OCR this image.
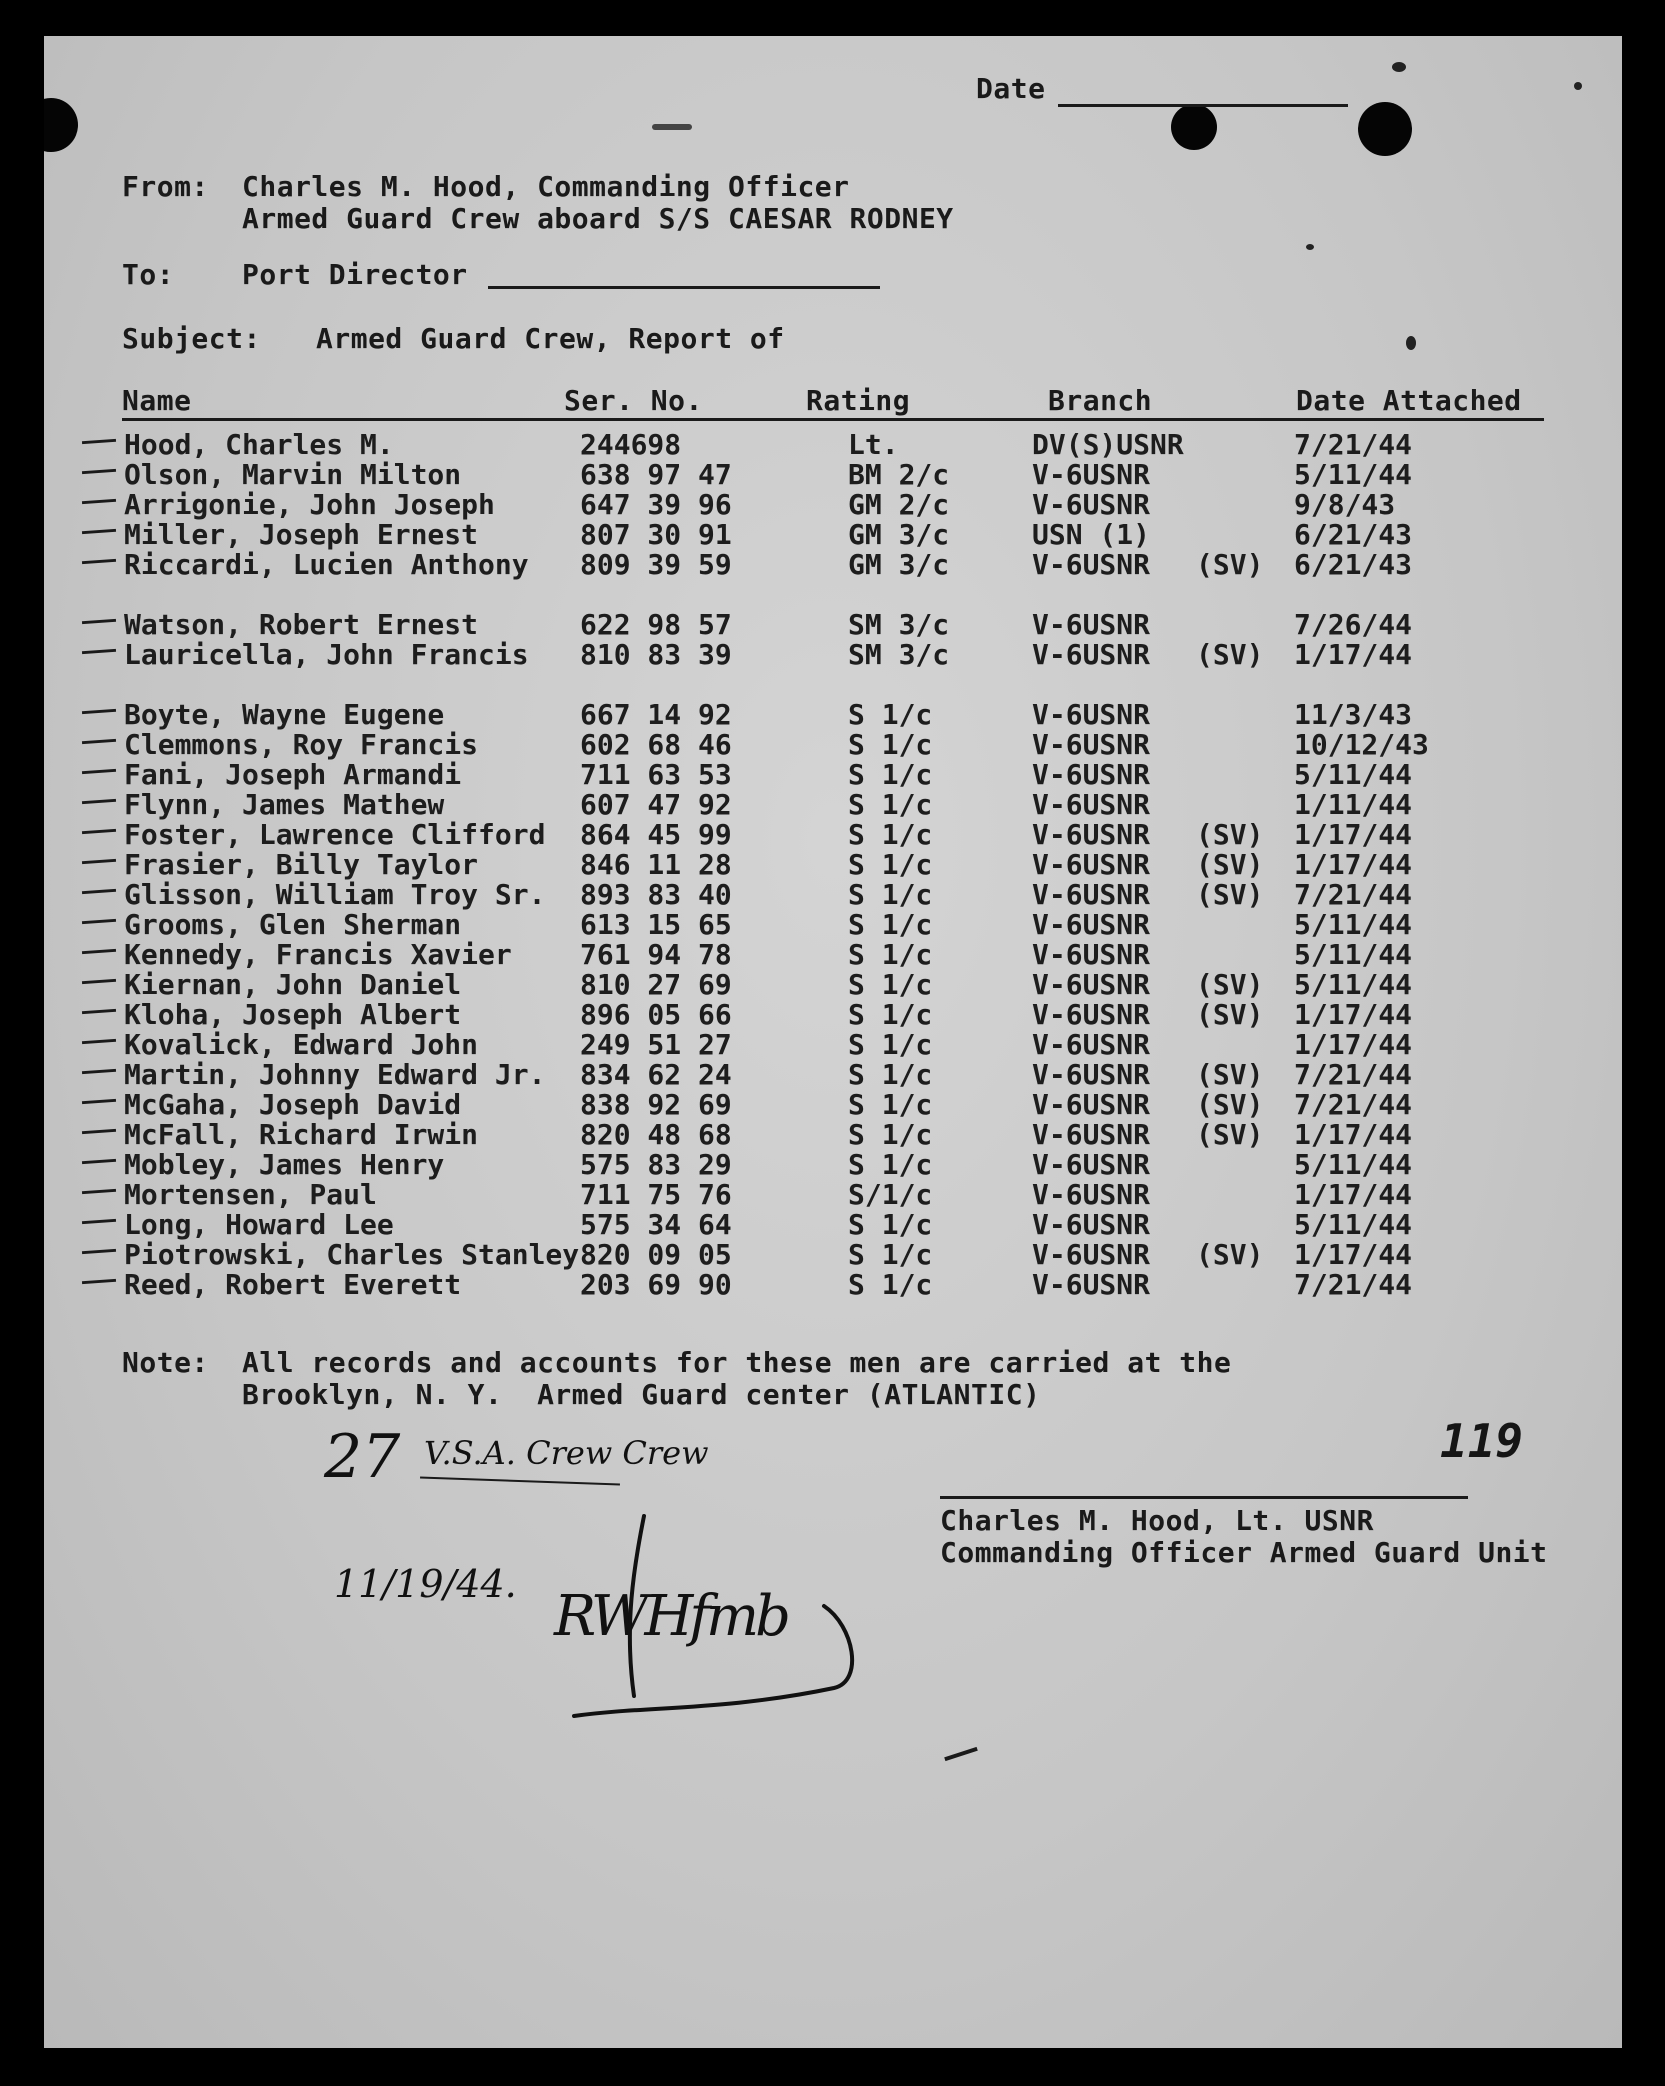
Date
From: Charles M. Hood, Commanding Officer
Armed Guard Crew aboard S/S CAESAR RODNEY
To: Port Director
Subject: Armed Guard Crew, Report of
Name	Ser. No.	Rating	Branch	Date Attached
Hood, Charles M.	244698	Lt.	DV(S)USNR	7/21/44
Olson, Marvin Milton	638 97 47	BM 2/c	V-6USNR	5/11/44
Arrigonie, John Joseph	647 39 96	GM 2/c	V-6USNR	9/8/43
Miller, Joseph Ernest	807 30 91	GM 3/c	USN (1)	6/21/43
Riccardi, Lucien Anthony 809 39 59	GM 3/c	V-6USNR (SV) 6/21/43
Watson, Robert Ernest	622 98 57	SM 3/c	V-6USNR	7/26/44
Lauricella, John Francis 810 83 39	SM 3/c	V-6USNR (SV) 1/17/44
Boyte, Wayne Eugene	667 14 92	S 1/c	V-6USNR	11/3/43
Clemmons, Roy Francis	602 68 46	S 1/c	V-6USNR	10/12/43
Fani, Joseph Armandi	711 63 53	S 1/c	V-6USNR	5/11/44
Flynn, James Mathew	607 47 92	S 1/c	V-6USNR	1/11/44
Foster, Lawrence Clifford 864 45 99	S 1/c	V-6USNR (SV) 1/17/44
Frasier, Billy Taylor	846 11 28	S 1/c	V-6USNR (SV) 1/17/44
Glisson, William Troy Sr. 893 83 40	S 1/c	V-6USNR (SV) 7/21/44
Grooms, Glen Sherman	613 15 65	S 1/c	V-6USNR	5/11/44
Kennedy, Francis Xavier 761 94 78	S 1/c	V-6USNR	5/11/44
Kiernan, John Daniel	810 27 69	S 1/c	V-6USNR (SV) 5/11/44
Kloha, Joseph Albert	896 05 66	S 1/c	V-6USNR (SV) 1/17/44
Kovalick, Edward John	249 51 27	S 1/c	V-6USNR	1/17/44
Martin, Johnny Edward Jr. 834 62 24	S 1/c	V-6USNR (SV) 7/21/44
McGaha, Joseph David	838 92 69	S 1/c	V-6USNR (SV) 7/21/44
McFall, Richard Irwin	820 48 68	S 1/c	V-6USNR (SV) 1/17/44
Mobley, James Henry	575 83 29	S 1/c	V-6USNR	5/11/44
Mortensen, Paul	711 75 76	S/1/c	V-6USNR	1/17/44
Long, Howard Lee	575 34 64	S 1/c	V-6USNR	5/11/44
Piotrowski, Charles Stanley 820 09 05	S 1/c	V-6USNR (SV) 1/17/44
Reed, Robert Everett	203 69 90	S 1/c	V-6USNR	7/21/44
Note: All records and accounts for these men are carried at the
Brooklyn, N. Y.  Armed Guard center (ATLANTIC)
27 V.S.A. Crew Crew
11/19/44. RWHfmb
119
Charles M. Hood, Lt. USNR
Commanding Officer Armed Guard Unit
